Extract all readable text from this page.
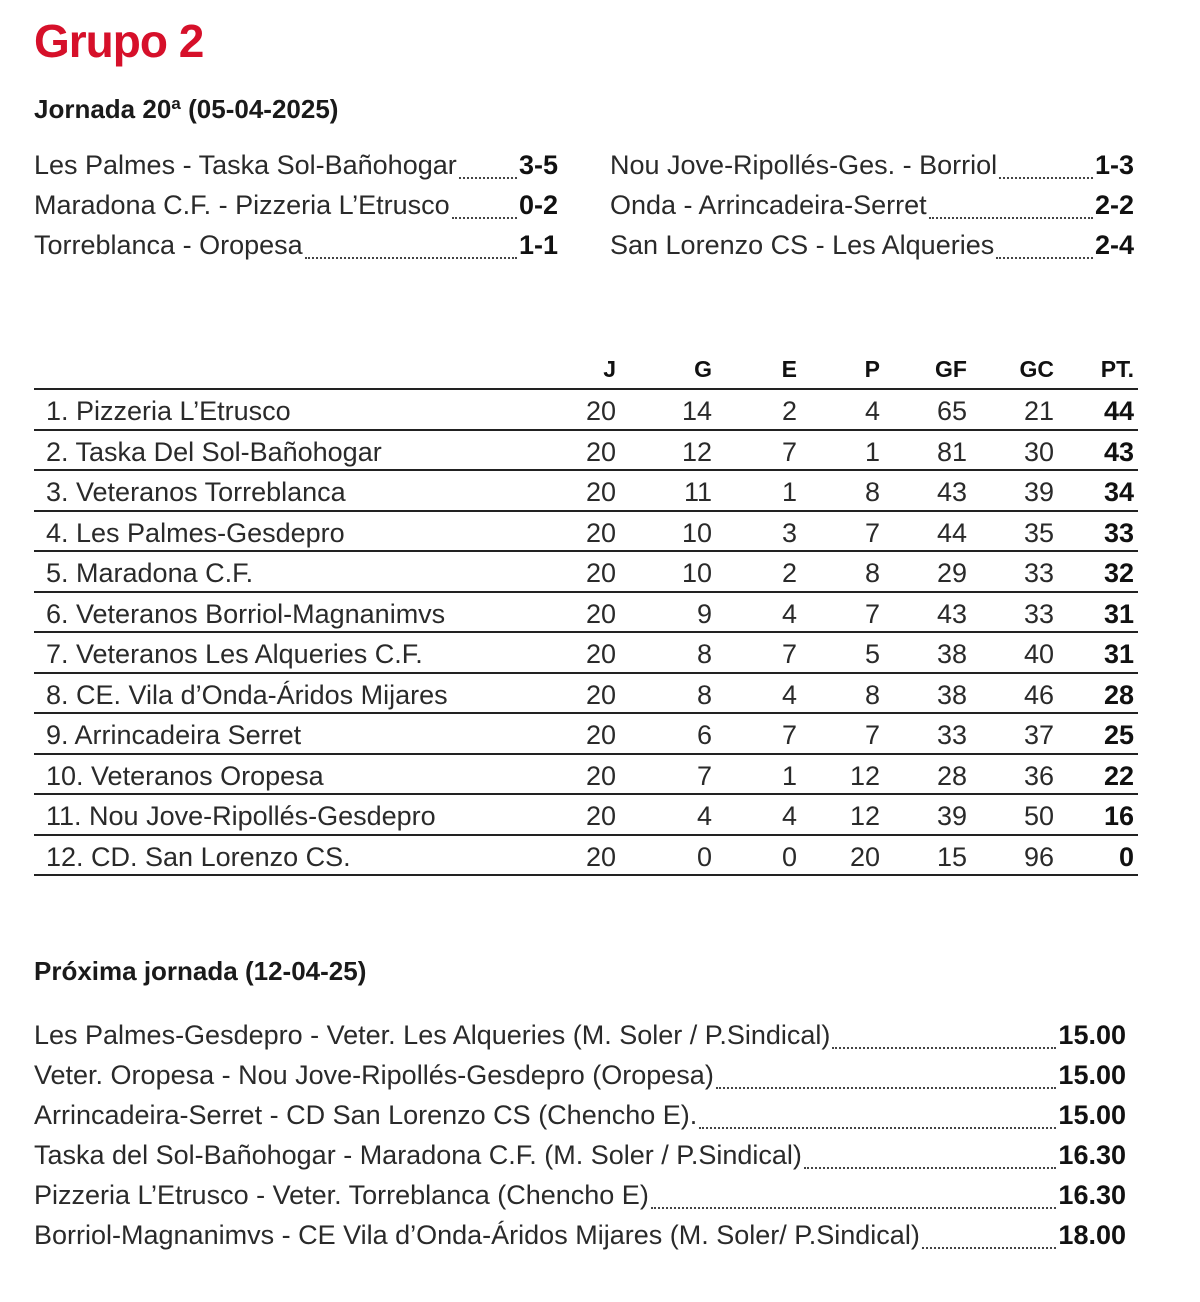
Grupo 2
Jornada 20ª (05-04-2025)
Les Palmes - Taska Sol-Bañohogar 3-5
Maradona C.F. - Pizzeria L’Etrusco	0-2
Torreblanca - Oropesa	1-1
Nou Jove-Ripollés-Ges. - Borriol	1-3
Onda - Arrincadeira-Serret	2-2
San Lorenzo CS - Les Alqueries	2-4
J	G	E	P	GF	GC	PT.
1. Pizzeria L’Etrusco	20	14	2	4	65	21	44
2. Taska Del Sol-Bañohogar	20	12	7	1	81	30	43
3. Veteranos Torreblanca	20	11	1	8	43	39	34
4. Les Palmes-Gesdepro	20	10	3	7	44	35	33
5. Maradona C.F.	20	10	2	8	29	33	32
6. Veteranos Borriol-Magnanimvs	20	9	4	7	43	33	31
7. Veteranos Les Alqueries C.F.	20	8	7	5	38	40	31
8. CE. Vila d’Onda-Áridos Mijares	20	8	4	8	38	46	28
9. Arrincadeira Serret	20	6	7	7	33	37	25
10. Veteranos Oropesa	20	7	1	12	28	36	22
11. Nou Jove-Ripollés-Gesdepro	20	4	4	12	39	50	16
12. CD. San Lorenzo CS.	20	0	0	20	15	96	0
Próxima jornada (12-04-25)
Les Palmes-Gesdepro - Veter. Les Alqueries (M. Soler / P.Sindical)	15.00
Veter. Oropesa - Nou Jove-Ripollés-Gesdepro (Oropesa)	15.00
Arrincadeira-Serret - CD San Lorenzo CS (Chencho E).	15.00
Taska del Sol-Bañohogar - Maradona C.F. (M. Soler / P.Sindical)	16.30
Pizzeria L’Etrusco - Veter. Torreblanca (Chencho E)	16.30
Borriol-Magnanimvs - CE Vila d’Onda-Áridos Mijares (M. Soler/ P.Sindical)	18.00
